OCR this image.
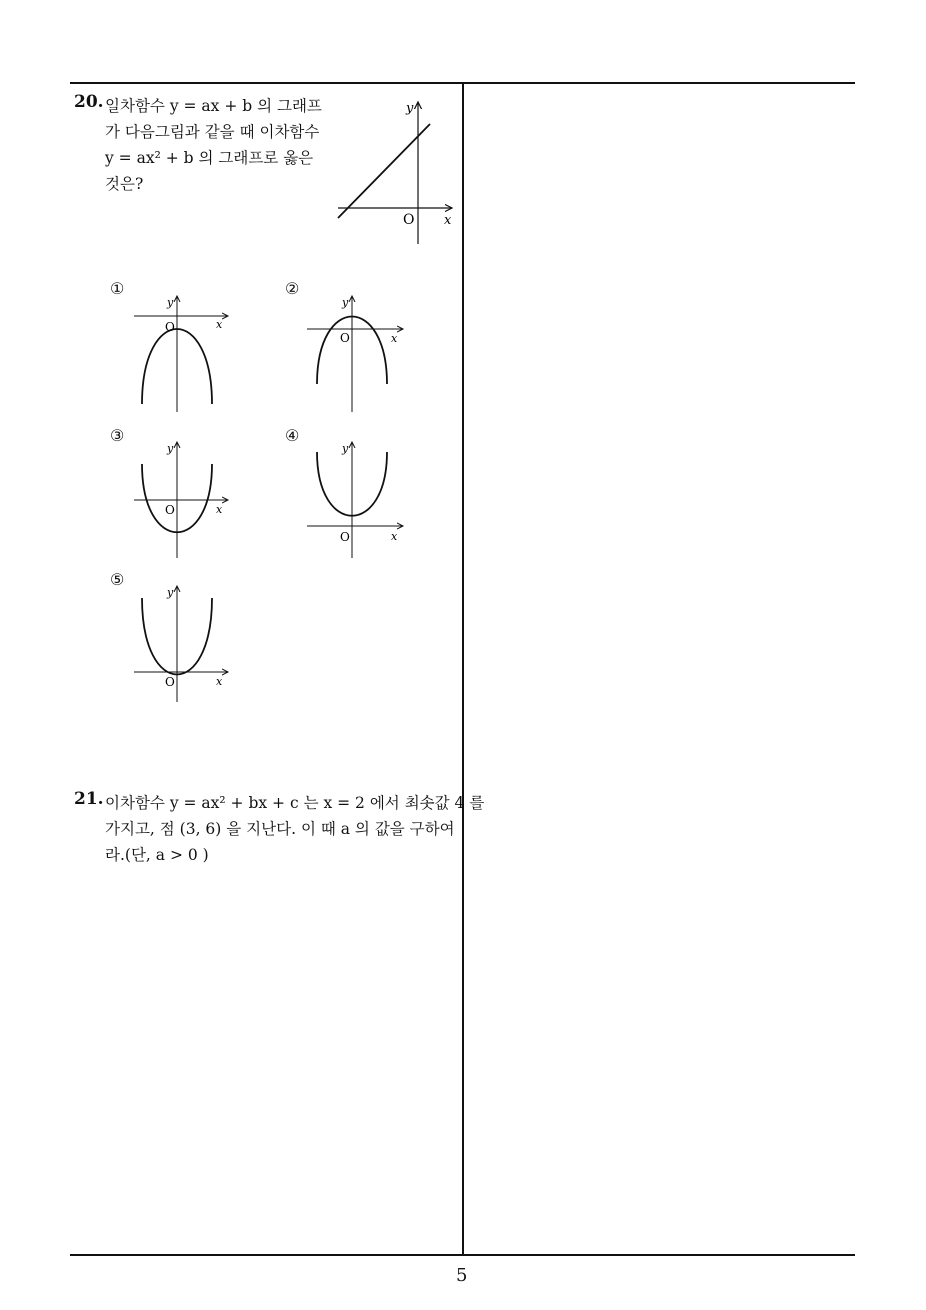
20. 일차함수 y = ax + b 의 그래프
가 다음그림과 같을 때 이차함수
y = ax² + b 의 그래프로 옳은
것은?
y
x
O
①	②
③	④
⑤
y
x
O
y
x
O
y
x
O
y
x
O
y
x
O
21. 이차함수 y = ax² + bx + c 는 x = 2 에서 최솟값 4 를
가지고, 점 (3, 6) 을 지난다. 이 때 a 의 값을 구하여
라.(단, a > 0 )
5
